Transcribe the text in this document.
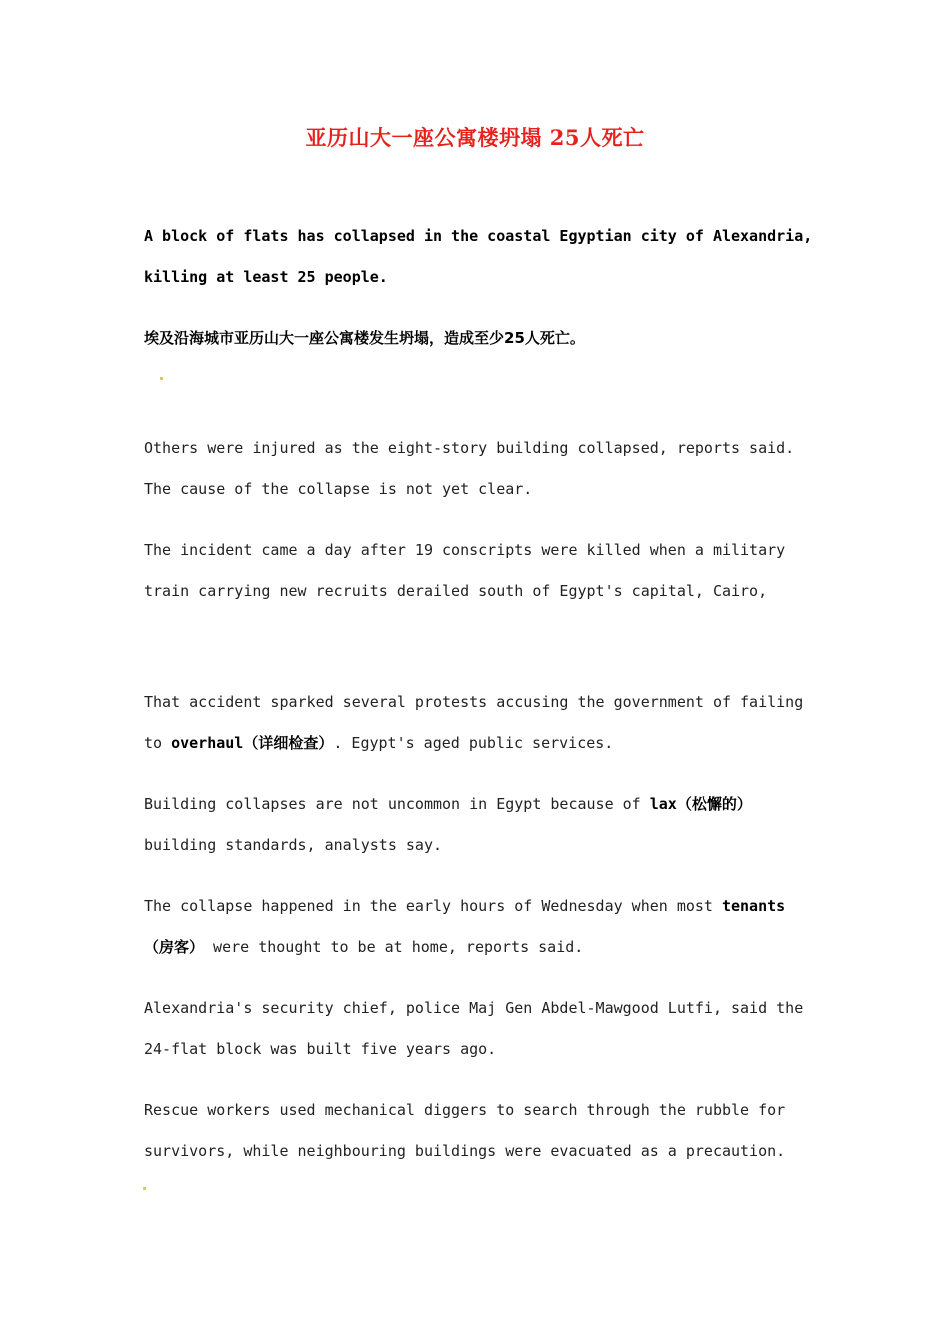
亚历山大一座公寓楼坍塌 25人死亡

A block of flats has collapsed in the coastal Egyptian city of Alexandria, killing at least 25 people.

埃及沿海城市亚历山大一座公寓楼发生坍塌，造成至少25人死亡。

Others were injured as the eight-story building collapsed, reports said. The cause of the collapse is not yet clear.

The incident came a day after 19 conscripts were killed when a military train carrying new recruits derailed south of Egypt's capital, Cairo,

That accident sparked several protests accusing the government of failing to overhaul（详细检查）. Egypt's aged public services.

Building collapses are not uncommon in Egypt because of lax（松懈的） building standards, analysts say.

The collapse happened in the early hours of Wednesday when most tenants（房客） were thought to be at home, reports said.

Alexandria's security chief, police Maj Gen Abdel-Mawgood Lutfi, said the 24-flat block was built five years ago.

Rescue workers used mechanical diggers to search through the rubble for survivors, while neighbouring buildings were evacuated as a precaution.
